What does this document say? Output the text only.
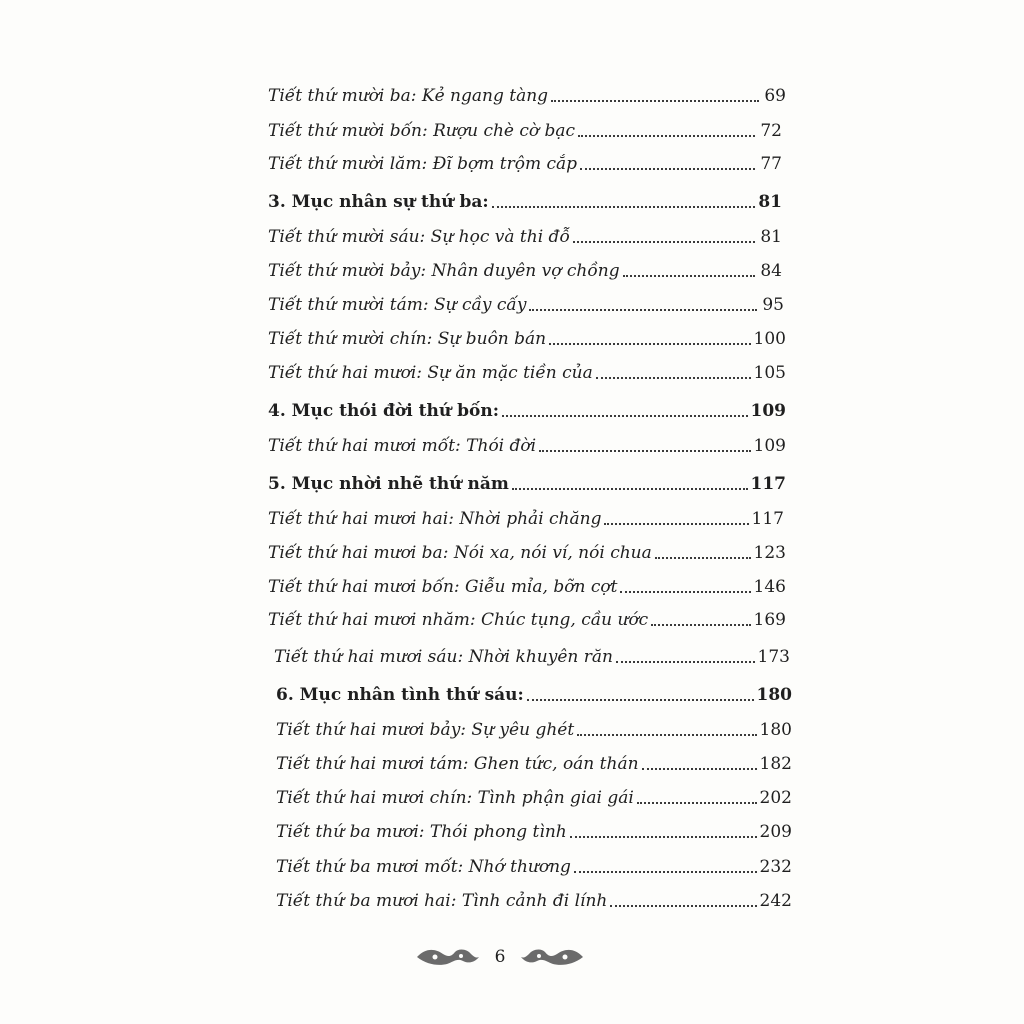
Tiết thứ mười ba: Kẻ ngang tàng	69
Tiết thứ mười bốn: Rượu chè cờ bạc	72
Tiết thứ mười lăm: Đĩ bợm trộm cắp	77
3. Mục nhân sự thứ ba:	81
Tiết thứ mười sáu: Sự học và thi đỗ	81
Tiết thứ mười bảy: Nhân duyên vợ chồng	84
Tiết thứ mười tám: Sự cầy cấy	95
Tiết thứ mười chín: Sự buôn bán	100
Tiết thứ hai mươi: Sự ăn mặc tiền của	105
4. Mục thói đời thứ bốn:	109
Tiết thứ hai mươi mốt: Thói đời	109
5. Mục nhời nhẽ thứ năm	117
Tiết thứ hai mươi hai: Nhời phải chăng	117
Tiết thứ hai mươi ba: Nói xa, nói ví, nói chua	123
Tiết thứ hai mươi bốn: Giễu mỉa, bỡn cợt	146
Tiết thứ hai mươi nhăm: Chúc tụng, cầu ước	169
Tiết thứ hai mươi sáu: Nhời khuyên răn	173
6. Mục nhân tình thứ sáu:	180
Tiết thứ hai mươi bảy: Sự yêu ghét	180
Tiết thứ hai mươi tám: Ghen tức, oán thán	182
Tiết thứ hai mươi chín: Tình phận giai gái	202
Tiết thứ ba mươi: Thói phong tình	209
Tiết thứ ba mươi mốt: Nhớ thương	232
Tiết thứ ba mươi hai: Tình cảnh đi lính	242
6
